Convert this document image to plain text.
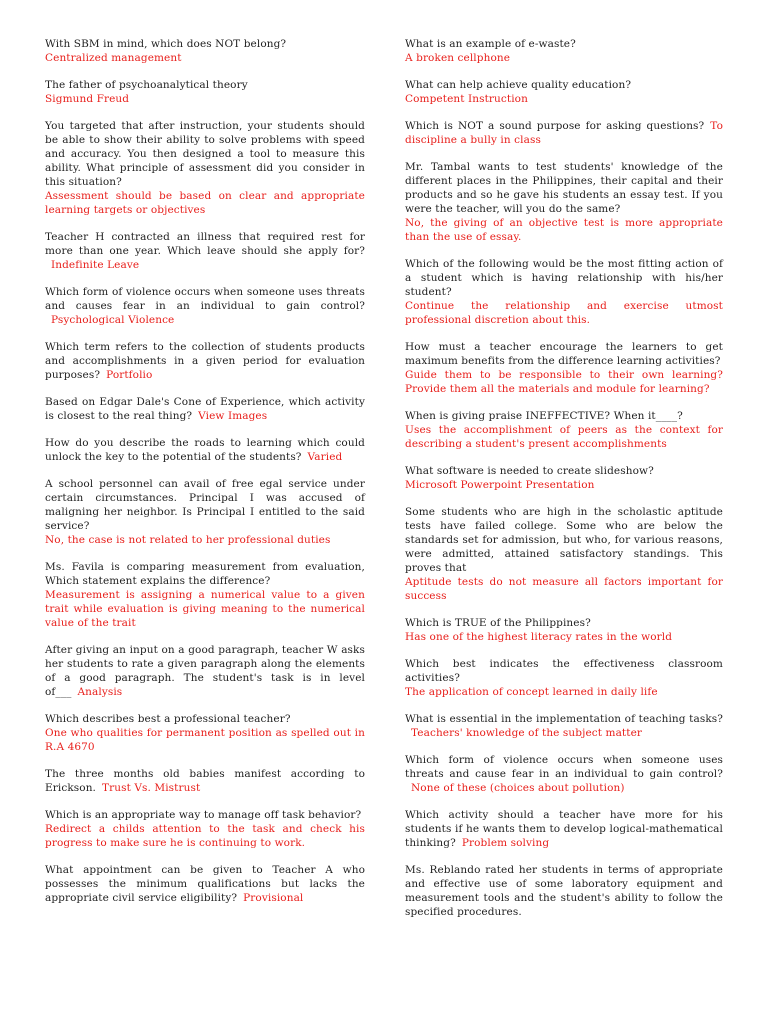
With SBM in mind, which does NOT belong?
Centralized management

The father of psychoanalytical theory
Sigmund Freud

You targeted that after instruction, your students should be able to show their ability to solve problems with speed and accuracy. You then designed a tool to measure this ability. What principle of assessment did you consider in this situation?
Assessment should be based on clear and appropriate learning targets or objectives

Teacher H contracted an illness that required rest for more than one year. Which leave should she apply for?Indefinite Leave

Which form of violence occurs when someone uses threats and causes fear in an individual to gain control?Psychological Violence

Which term refers to the collection of students products and accomplishments in a given period for evaluation purposes? Portfolio

Based on Edgar Dale's Cone of Experience, which activity is closest to the real thing? View Images

How do you describe the roads to learning which could unlock the key to the potential of the students? Varied

A school personnel can avail of free egal service under certain circumstances. Principal I was accused of maligning her neighbor. Is Principal I entitled to the said service?
No, the case is not related to her professional duties

Ms. Favila is comparing measurement from evaluation, Which statement explains the difference?
Measurement is assigning a numerical value to a given trait while evaluation is giving meaning to the numerical value of the trait

After giving an input on a good paragraph, teacher W asks her students to rate a given paragraph along the elements of a good paragraph. The student's task is in level of___ Analysis

Which describes best a professional teacher?
One who qualities for permanent position as spelled out in R.A 4670

The three months old babies manifest according to Erickson. Trust Vs. Mistrust

Which is an appropriate way to manage off task behavior?
Redirect a childs attention to the task and check his progress to make sure he is continuing to work.

What appointment can be given to Teacher A who possesses the minimum qualifications but lacks the appropriate civil service eligibility? Provisional

What is an example of e-waste?
A broken cellphone

What can help achieve quality education?
Competent Instruction

Which is NOT a sound purpose for asking questions? To discipline a bully in class

Mr. Tambal wants to test students' knowledge of the different places in the Philippines, their capital and their products and so he gave his students an essay test. If you were the teacher, will you do the same?
No, the giving of an objective test is more appropriate than the use of essay.

Which of the following would be the most fitting action of a student which is having relationship with his/her student?
Continue the relationship and exercise utmost professional discretion about this.

How must a teacher encourage the learners to get maximum benefits from the difference learning activities?
Guide them to be responsible to their own learning? Provide them all the materials and module for learning?

When is giving praise INEFFECTIVE? When it____?
Uses the accomplishment of peers as the context for describing a student's present accomplishments

What software is needed to create slideshow?
Microsoft Powerpoint Presentation

Some students who are high in the scholastic aptitude tests have failed college. Some who are below the standards set for admission, but who, for various reasons, were admitted, attained satisfactory standings. This proves that
Aptitude tests do not measure all factors important for success

Which is TRUE of the Philippines?
Has one of the highest literacy rates in the world

Which best indicates the effectiveness classroom activities?
The application of concept learned in daily life

What is essential in the implementation of teaching tasks?Teachers' knowledge of the subject matter

Which form of violence occurs when someone uses threats and cause fear in an individual to gain control?None of these (choices about pollution)

Which activity should a teacher have more for his students if he wants them to develop logical-mathematical thinking? Problem solving

Ms. Reblando rated her students in terms of appropriate and effective use of some laboratory equipment and measurement tools and the student's ability to follow the specified procedures.
